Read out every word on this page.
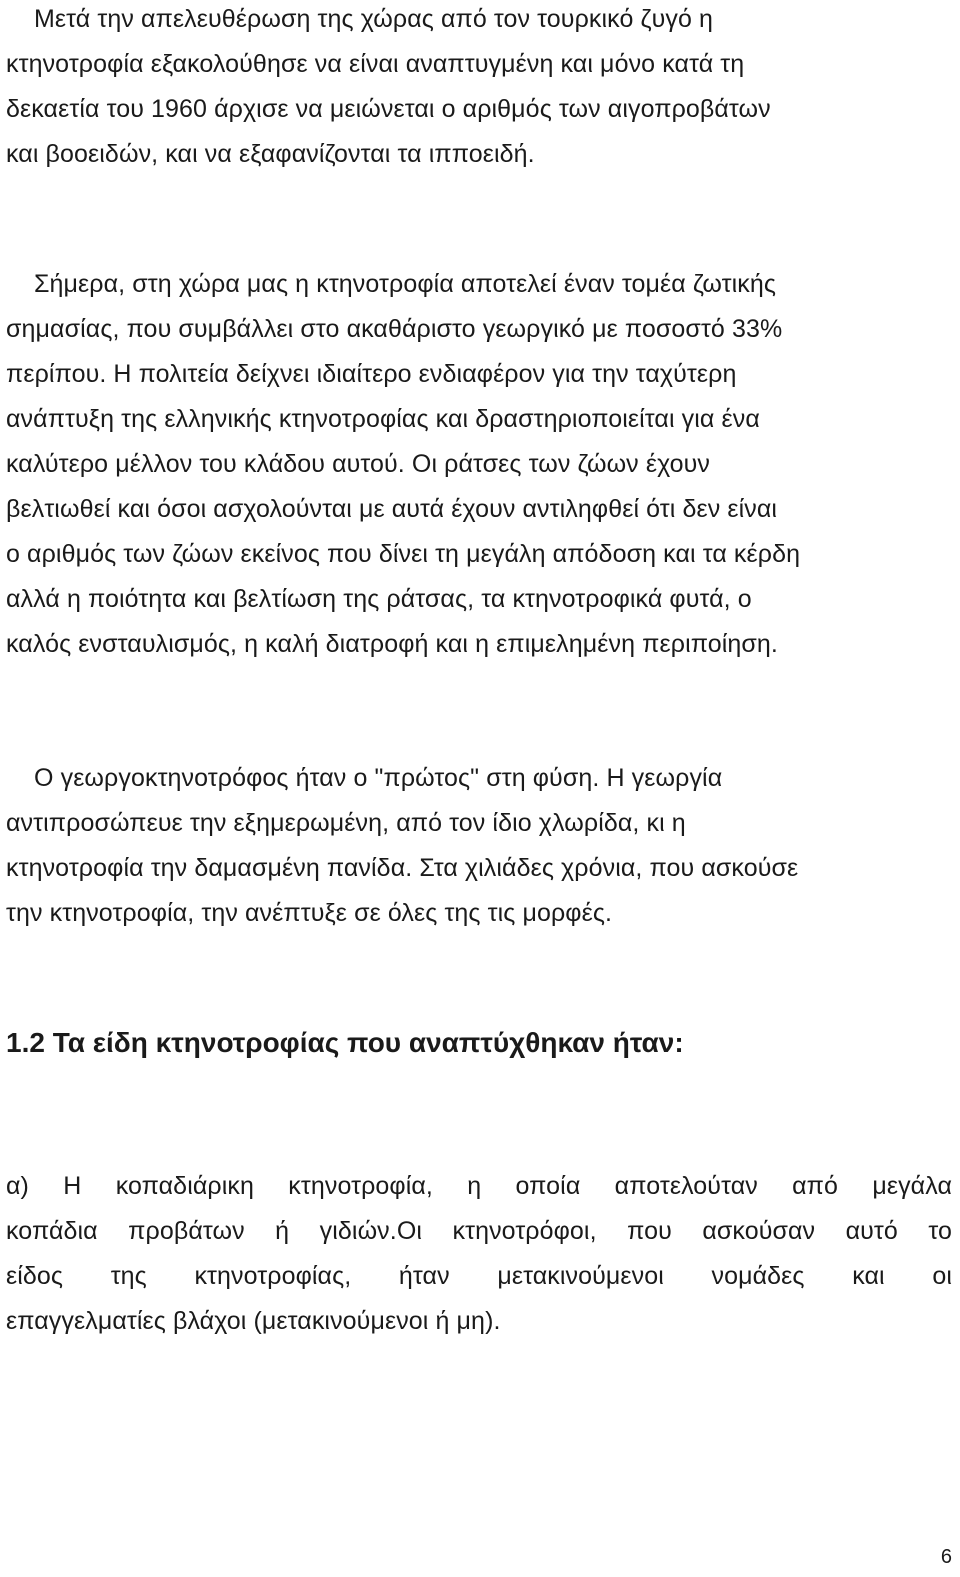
Μετά την απελευθέρωση της χώρας από τον τουρκικό ζυγό η
κτηνοτροφία εξακολούθησε να είναι αναπτυγμένη και μόνο κατά τη
δεκαετία του 1960 άρχισε να μειώνεται ο αριθμός των αιγοπροβάτων
και βοοειδών, και να εξαφανίζονται τα ιπποειδή.

Σήμερα, στη χώρα μας η κτηνοτροφία αποτελεί έναν τομέα ζωτικής
σημασίας, που συμβάλλει στο ακαθάριστο γεωργικό με ποσοστό 33%
περίπου. Η πολιτεία δείχνει ιδιαίτερο ενδιαφέρον για την ταχύτερη
ανάπτυξη της ελληνικής κτηνοτροφίας και δραστηριοποιείται για ένα
καλύτερο μέλλον του κλάδου αυτού. Οι ράτσες των ζώων έχουν
βελτιωθεί και όσοι ασχολούνται με αυτά έχουν αντιληφθεί ότι δεν είναι
ο αριθμός των ζώων εκείνος που δίνει τη μεγάλη απόδοση και τα κέρδη
αλλά η ποιότητα και βελτίωση της ράτσας, τα κτηνοτροφικά φυτά, ο
καλός ενσταυλισμός, η καλή διατροφή και η επιμελημένη περιποίηση.

Ο γεωργοκτηνοτρόφος ήταν ο "πρώτος" στη φύση. Η γεωργία
αντιπροσώπευε την εξημερωμένη, από τον ίδιο χλωρίδα, κι η
κτηνοτροφία την δαμασμένη πανίδα. Στα χιλιάδες χρόνια, που ασκούσε
την κτηνοτροφία, την ανέπτυξε σε όλες της τις μορφές.

1.2 Τα είδη κτηνοτροφίας που αναπτύχθηκαν ήταν:

α) Η κοπαδιάρικη κτηνοτροφία, η οποία αποτελούταν από μεγάλα
κοπάδια προβάτων ή γιδιών.Οι κτηνοτρόφοι, που ασκούσαν αυτό το
είδος της κτηνοτροφίας, ήταν μετακινούμενοι νομάδες και οι
επαγγελματίες βλάχοι (μετακινούμενοι ή μη).

6
